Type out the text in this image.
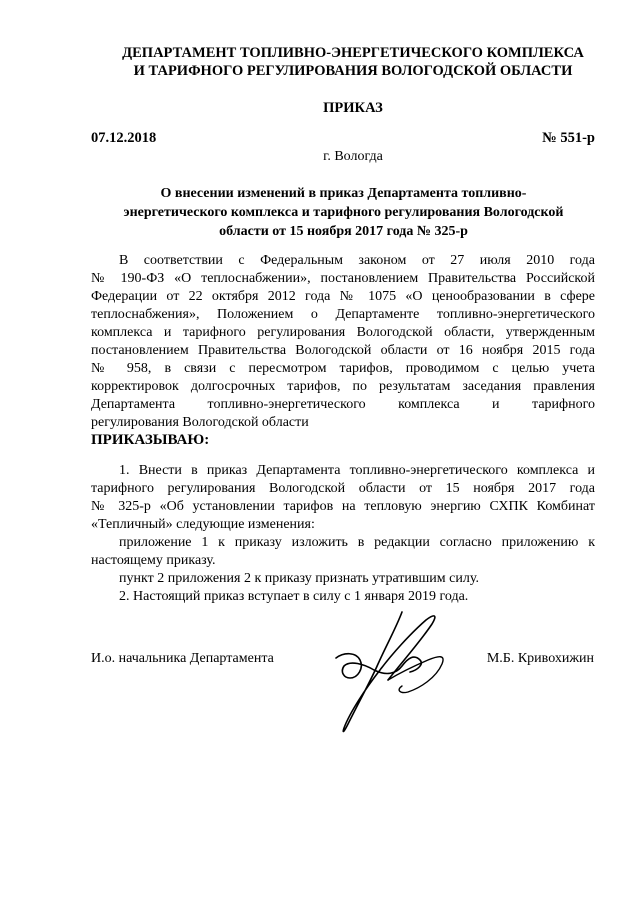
ДЕПАРТАМЕНТ ТОПЛИВНО-ЭНЕРГЕТИЧЕСКОГО КОМПЛЕКСА
И ТАРИФНОГО РЕГУЛИРОВАНИЯ ВОЛОГОДСКОЙ ОБЛАСТИ
ПРИКАЗ
07.12.2018	№ 551-р
г. Вологда
О внесении изменений в приказ Департамента топливно-
энергетического комплекса и тарифного регулирования Вологодской
области от 15 ноября 2017 года № 325-р
В соответствии с Федеральным законом от 27 июля 2010 года
№ 190-ФЗ «О теплоснабжении», постановлением Правительства Российской
Федерации от 22 октября 2012 года № 1075 «О ценообразовании в сфере
теплоснабжения», Положением о Департаменте топливно-энергетического
комплекса и тарифного регулирования Вологодской области, утвержденным
постановлением Правительства Вологодской области от 16 ноября 2015 года
№ 958, в связи с пересмотром тарифов, проводимом с целью учета
корректировок долгосрочных тарифов, по результатам заседания правления
Департамента топливно-энергетического комплекса и тарифного
регулирования Вологодской области
ПРИКАЗЫВАЮ:
1. Внести в приказ Департамента топливно-энергетического комплекса и
тарифного регулирования Вологодской области от 15 ноября 2017 года
№ 325-р «Об установлении тарифов на тепловую энергию СХПК Комбинат
«Тепличный» следующие изменения:
приложение 1 к приказу изложить в редакции согласно приложению к
настоящему приказу.
пункт 2 приложения 2 к приказу признать утратившим силу.
2. Настоящий приказ вступает в силу с 1 января 2019 года.
И.о. начальника Департамента	М.Б. Кривохижин
